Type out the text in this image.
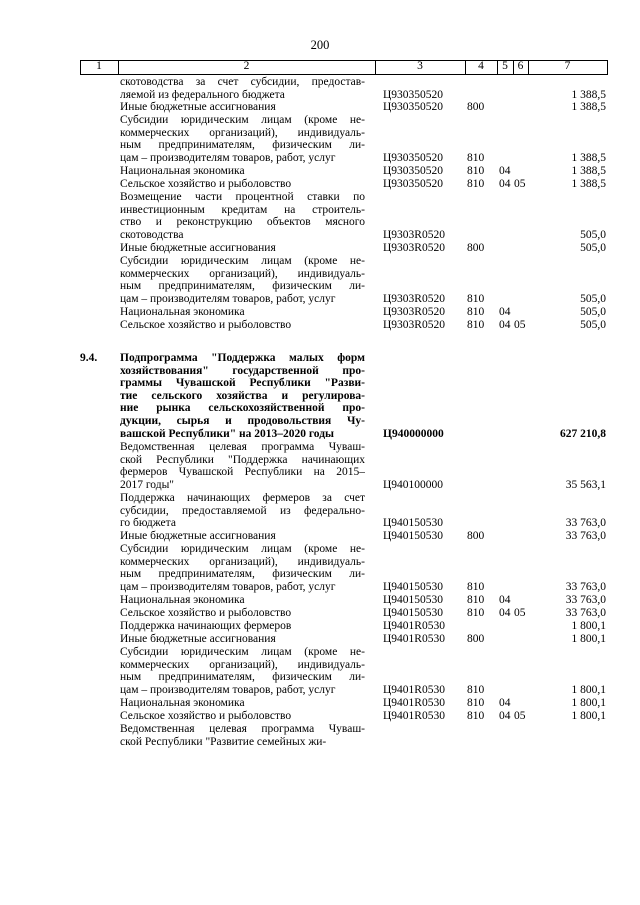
200
1	2	3	4	5 6	7
скотоводства за счет субсидии, предостав-
ляемой из федерального бюджета	Ц930350520	1 388,5
Иные бюджетные ассигнования	Ц930350520	800	1 388,5
Субсидии юридическим лицам (кроме не-
коммерческих организаций), индивидуаль-
ным предпринимателям, физическим ли-
цам – производителям товаров, работ, услуг	Ц930350520	810	1 388,5
Национальная экономика	Ц930350520	810	04	1 388,5
Сельское хозяйство и рыболовство	Ц930350520	810	04 05	1 388,5
Возмещение части процентной ставки по
инвестиционным кредитам на строитель-
ство и реконструкцию объектов мясного
скотоводства	Ц9303R0520	505,0
Иные бюджетные ассигнования	Ц9303R0520	800	505,0
Субсидии юридическим лицам (кроме не-
коммерческих организаций), индивидуаль-
ным предпринимателям, физическим ли-
цам – производителям товаров, работ, услуг	Ц9303R0520	810	505,0
Национальная экономика	Ц9303R0520	810	04	505,0
Сельское хозяйство и рыболовство	Ц9303R0520	810	04 05	505,0
9.4.	Подпрограмма "Поддержка малых форм
хозяйствования" государственной про-
граммы Чувашской Республики "Разви-
тие сельского хозяйства и регулирова-
ние рынка сельскохозяйственной про-
дукции, сырья и продовольствия Чу-
вашской Республики" на 2013–2020 годы	Ц940000000	627 210,8
Ведомственная целевая программа Чуваш-
ской Республики "Поддержка начинающих
фермеров Чувашской Республики на 2015–
2017 годы"	Ц940100000	35 563,1
Поддержка начинающих фермеров за счет
субсидии, предоставляемой из федерально-
го бюджета	Ц940150530	33 763,0
Иные бюджетные ассигнования	Ц940150530	800	33 763,0
Субсидии юридическим лицам (кроме не-
коммерческих организаций), индивидуаль-
ным предпринимателям, физическим ли-
цам – производителям товаров, работ, услуг	Ц940150530	810	33 763,0
Национальная экономика	Ц940150530	810	04	33 763,0
Сельское хозяйство и рыболовство	Ц940150530	810	04 05	33 763,0
Поддержка начинающих фермеров	Ц9401R0530	1 800,1
Иные бюджетные ассигнования	Ц9401R0530	800	1 800,1
Субсидии юридическим лицам (кроме не-
коммерческих организаций), индивидуаль-
ным предпринимателям, физическим ли-
цам – производителям товаров, работ, услуг	Ц9401R0530	810	1 800,1
Национальная экономика	Ц9401R0530	810	04	1 800,1
Сельское хозяйство и рыболовство	Ц9401R0530	810	04 05	1 800,1
Ведомственная целевая программа Чуваш-
ской Республики "Развитие семейных жи-
